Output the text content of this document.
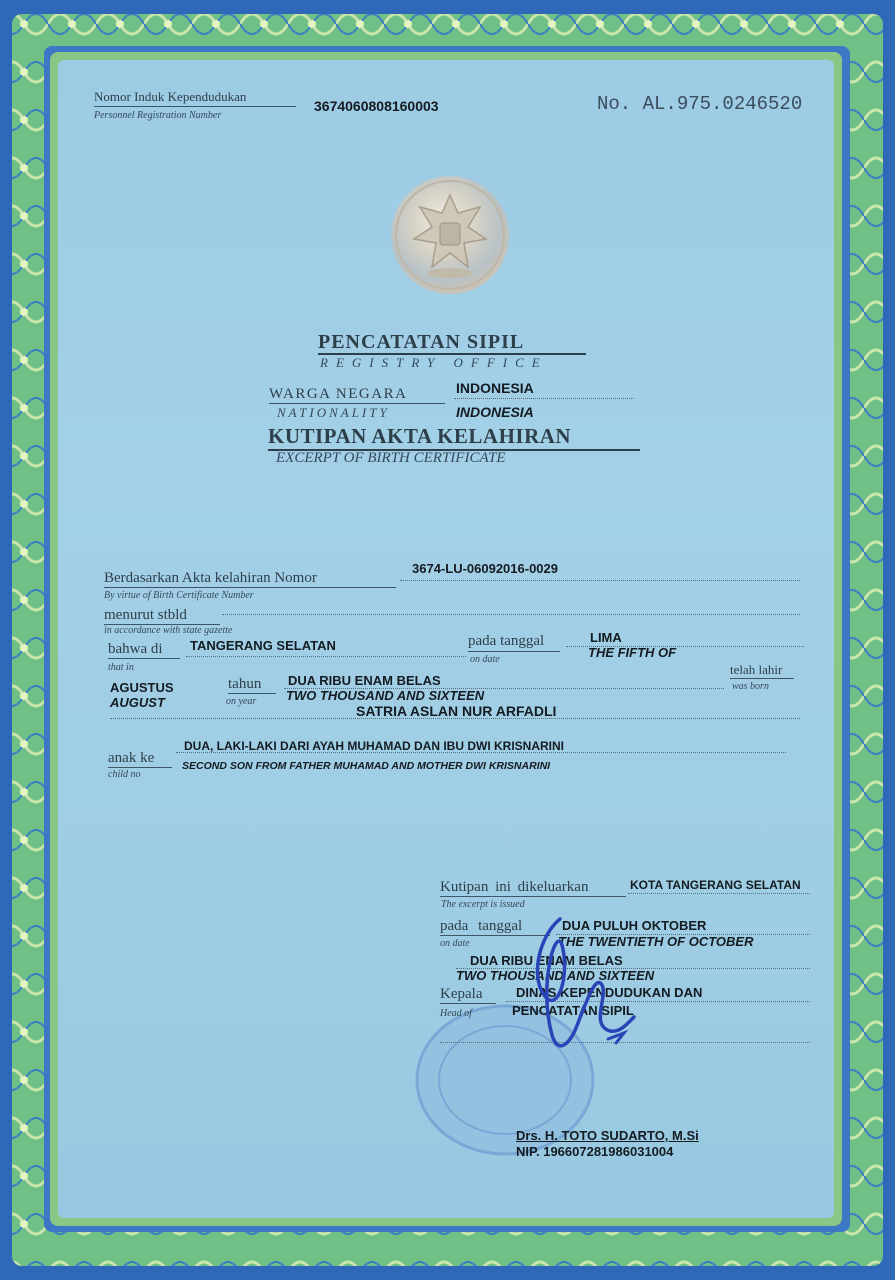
Nomor Induk Kependudukan
Personnel Registration Number
3674060808160003	No. AL.975.0246520
PENCATATAN SIPIL
REGISTRY OFFICE
WARGA NEGARA	INDONESIA
NATIONALITY	INDONESIA
KUTIPAN AKTA KELAHIRAN
EXCERPT OF BIRTH CERTIFICATE
Berdasarkan Akta kelahiran Nomor
By virtue of Birth Certificate Number
3674-LU-06092016-0029
menurut stbld
in accordance with state gazette
bahwa di
that in
TANGERANG SELATAN	pada tanggal
on date
LIMA
THE FIFTH OF
telah lahir
was born
AGUSTUS
AUGUST
tahun
on year
DUA RIBU ENAM BELAS
TWO THOUSAND AND SIXTEEN
SATRIA ASLAN NUR ARFADLI
anak ke
child no
DUA, LAKI-LAKI DARI AYAH MUHAMAD DAN IBU DWI KRISNARINI
SECOND SON FROM FATHER MUHAMAD AND MOTHER DWI KRISNARINI
Kutipan ini dikeluarkan
The excerpt is issued
KOTA TANGERANG SELATAN
pada tanggal
on date
DUA PULUH OKTOBER
THE TWENTIETH OF OCTOBER
DUA RIBU ENAM BELAS
TWO THOUSAND AND SIXTEEN
Kepala
Head of
DINAS KEPENDUDUKAN DAN
PENCATATAN SIPIL
Drs. H. TOTO SUDARTO, M.Si
NIP. 196607281986031004
